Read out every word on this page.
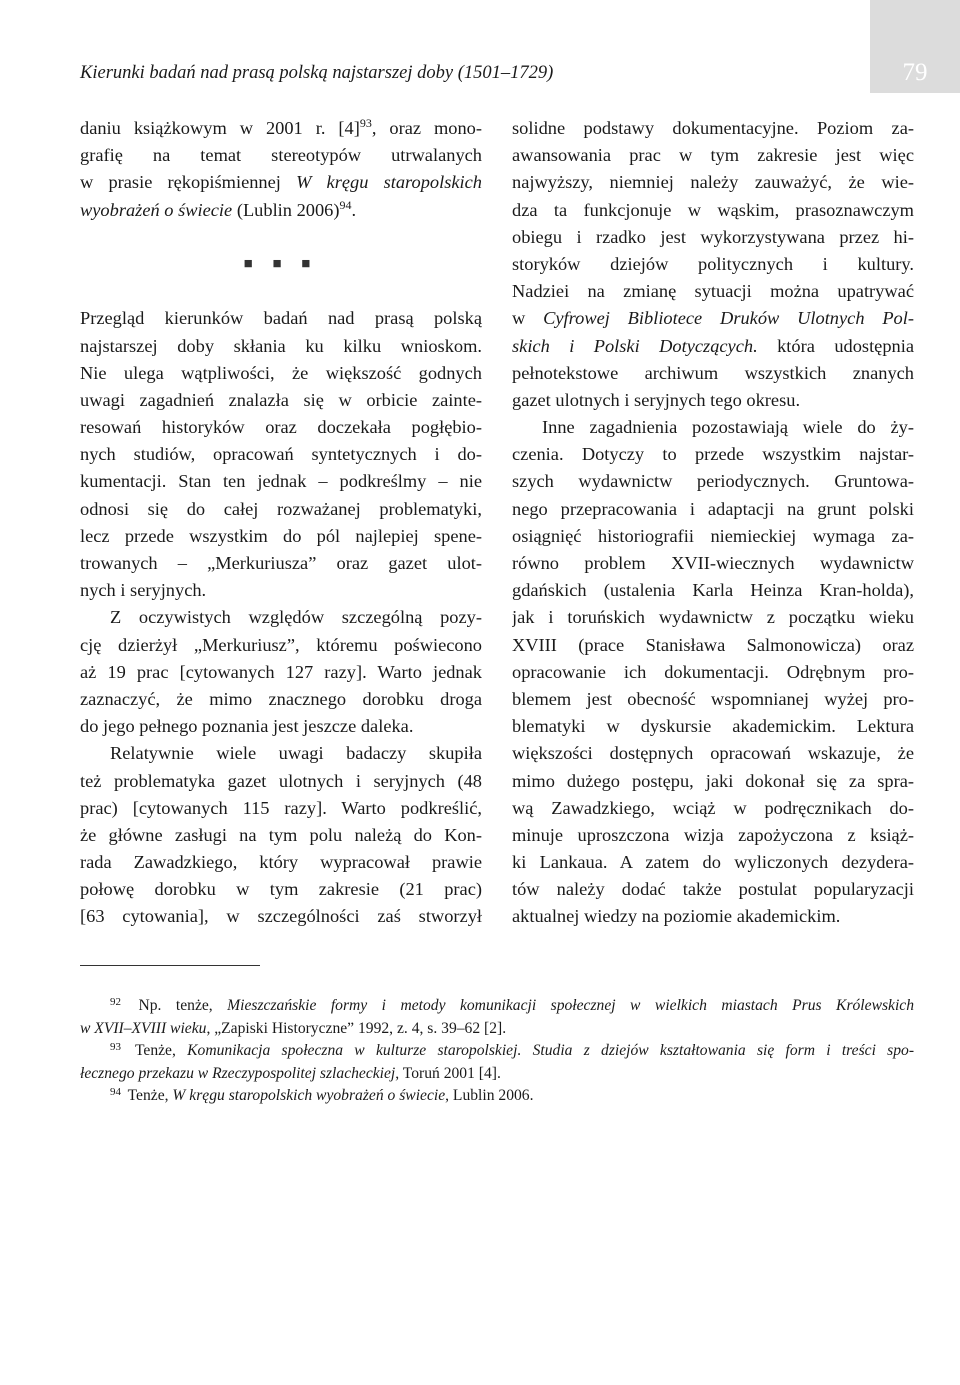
79
Kierunki badań nad prasą polską najstarszej doby (1501–1729)
daniu książkowym w 2001 r. $[4]^{93}$, oraz mono-
grafię na temat stereotypów utrwalanych
w prasie rękopiśmiennej W kręgu staropolskich
wyobrażeń o świecie (Lublin 2006)$^{94}$.
■ ■ ■
Przegląd kierunków badań nad prasą polską
najstarszej doby skłania ku kilku wnioskom.
Nie ulega wątpliwości, że większość godnych
uwagi zagadnień znalazła się w orbicie zainte-
resowań historyków oraz doczekała pogłębio-
nych studiów, opracowań syntetycznych i do-
kumentacji. Stan ten jednak – podkreślmy – nie
odnosi się do całej rozważanej problematyki,
lecz przede wszystkim do pól najlepiej spene-
trowanych – „Merkuriusza” oraz gazet ulot-
nych i seryjnych.
Z oczywistych względów szczególną pozy-
cję dzierżył „Merkuriusz”, któremu poświecono
aż 19 prac [cytowanych 127 razy]. Warto jednak
zaznaczyć, że mimo znacznego dorobku droga
do jego pełnego poznania jest jeszcze daleka.
Relatywnie wiele uwagi badaczy skupiła
też problematyka gazet ulotnych i seryjnych (48
prac) [cytowanych 115 razy]. Warto podkreślić,
że główne zasługi na tym polu należą do Kon-
rada Zawadzkiego, który wypracował prawie
połowę dorobku w tym zakresie (21 prac)
[63 cytowania], w szczególności zaś stworzył
solidne podstawy dokumentacyjne. Poziom za-
awansowania prac w tym zakresie jest więc
najwyższy, niemniej należy zauważyć, że wie-
dza ta funkcjonuje w wąskim, prasoznawczym
obiegu i rzadko jest wykorzystywana przez hi-
storyków dziejów politycznych i kultury.
Nadziei na zmianę sytuacji można upatrywać
w Cyfrowej Bibliotece Druków Ulotnych Pol-
skich i Polski Dotyczących. która udostępnia
pełnotekstowe archiwum wszystkich znanych
gazet ulotnych i seryjnych tego okresu.
Inne zagadnienia pozostawiają wiele do ży-
czenia. Dotyczy to przede wszystkim najstar-
szych wydawnictw periodycznych. Gruntowa-
nego przepracowania i adaptacji na grunt polski
osiągnięć historiografii niemieckiej wymaga za-
równo problem XVII-wiecznych wydawnictw
gdańskich (ustalenia Karla Heinza Kran-holda),
jak i toruńskich wydawnictw z początku wieku
XVIII (prace Stanisława Salmonowicza) oraz
opracowanie ich dokumentacji. Odrębnym pro-
blemem jest obecność wspomnianej wyżej pro-
blematyki w dyskursie akademickim. Lektura
większości dostępnych opracowań wskazuje, że
mimo dużego postępu, jaki dokonał się za spra-
wą Zawadzkiego, wciąż w podręcznikach do-
minuje uproszczona wizja zapożyczona z książ-
ki Lankaua. A zatem do wyliczonych dezydera-
tów należy dodać także postulat popularyzacji
aktualnej wiedzy na poziomie akademickim.
$^{92}$ Np. tenże, Mieszczańskie formy i metody komunikacji społecznej w wielkich miastach Prus Królewskich
w XVII–XVIII wieku, „Zapiski Historyczne” 1992, z. 4, s. 39–62 [2].
$^{93}$ Tenże, Komunikacja społeczna w kulturze staropolskiej. Studia z dziejów kształtowania się form i treści spo-
łecznego przekazu w Rzeczypospolitej szlacheckiej, Toruń 2001 [4].
$^{94}$ Tenże, W kręgu staropolskich wyobrażeń o świecie, Lublin 2006.
